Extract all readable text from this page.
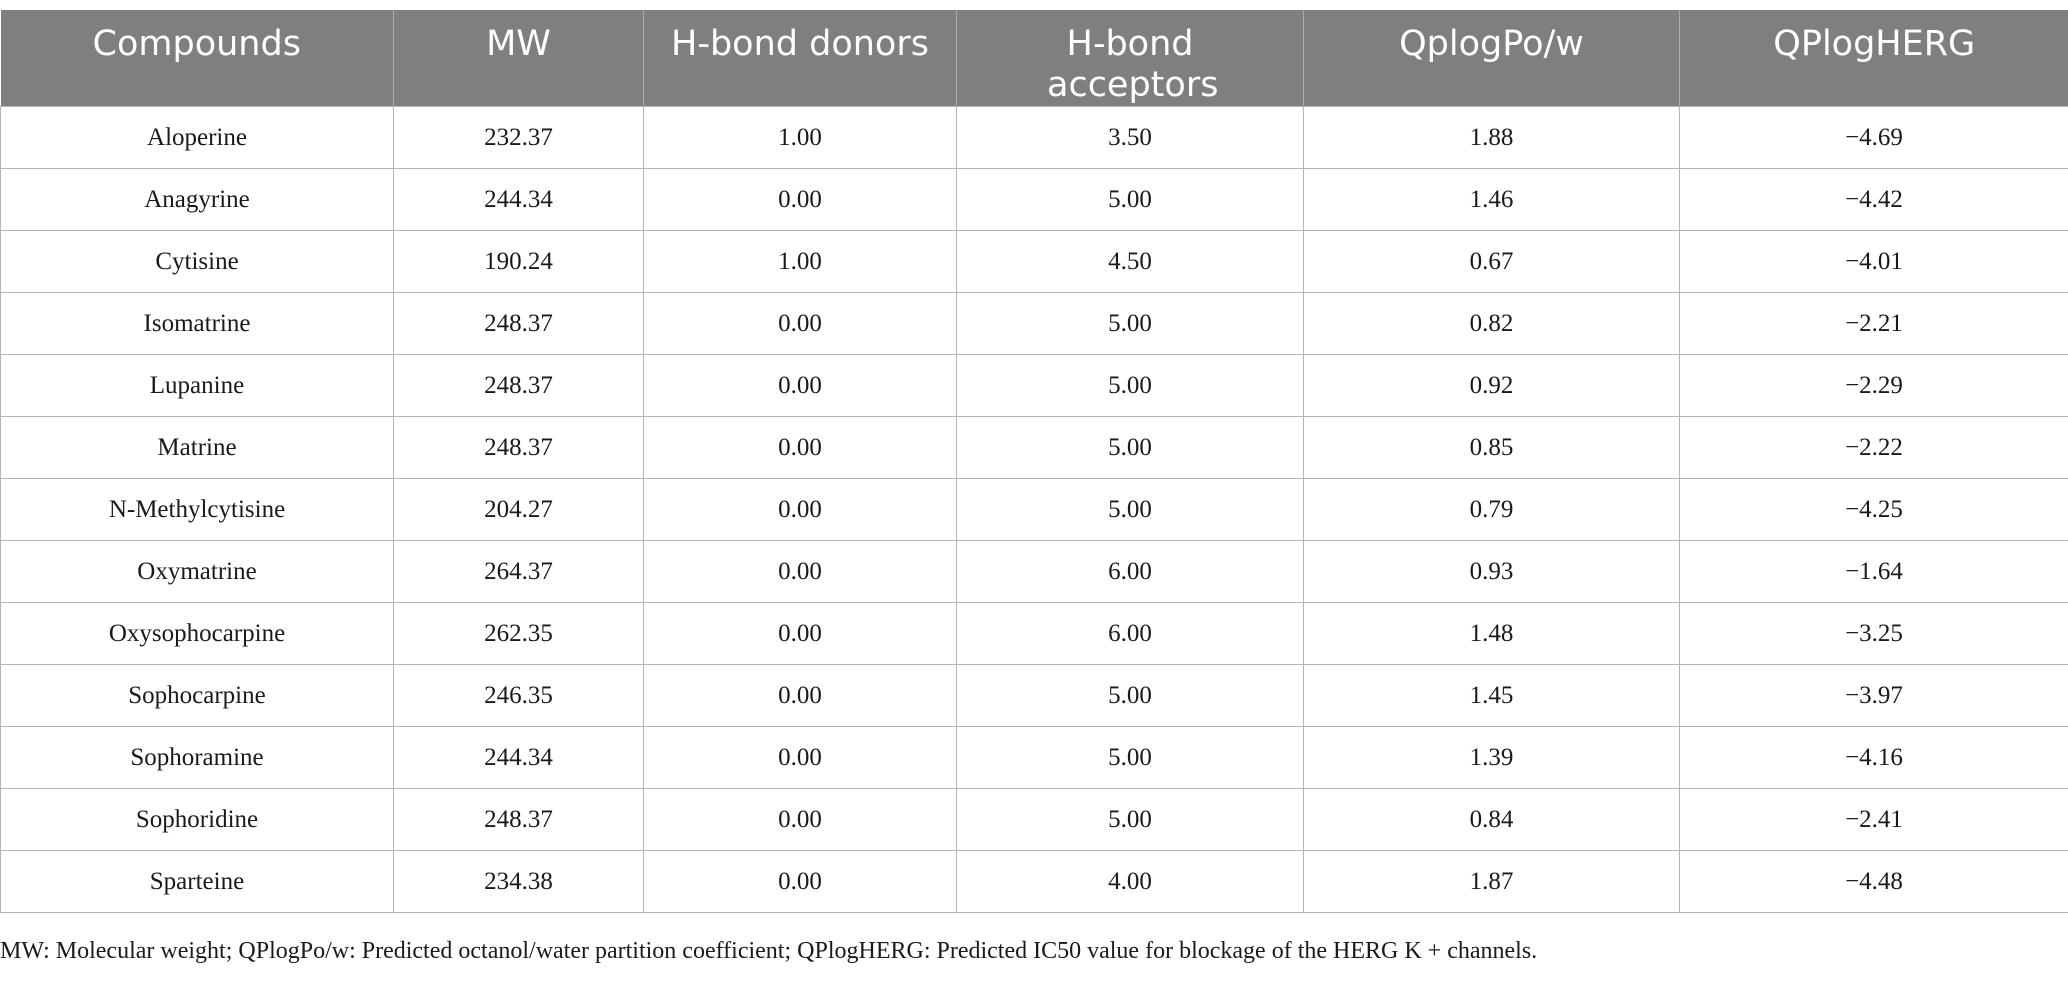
Compounds	MW	H-bond donors	H-bond acceptors	QplogPo/w	QPlogHERG
Aloperine	232.37	1.00	3.50	1.88	−4.69
Anagyrine	244.34	0.00	5.00	1.46	−4.42
Cytisine	190.24	1.00	4.50	0.67	−4.01
Isomatrine	248.37	0.00	5.00	0.82	−2.21
Lupanine	248.37	0.00	5.00	0.92	−2.29
Matrine	248.37	0.00	5.00	0.85	−2.22
N-Methylcytisine	204.27	0.00	5.00	0.79	−4.25
Oxymatrine	264.37	0.00	6.00	0.93	−1.64
Oxysophocarpine	262.35	0.00	6.00	1.48	−3.25
Sophocarpine	246.35	0.00	5.00	1.45	−3.97
Sophoramine	244.34	0.00	5.00	1.39	−4.16
Sophoridine	248.37	0.00	5.00	0.84	−2.41
Sparteine	234.38	0.00	4.00	1.87	−4.48
MW: Molecular weight; QPlogPo/w: Predicted octanol/water partition coefficient; QPlogHERG: Predicted IC50 value for blockage of the HERG K + channels.
